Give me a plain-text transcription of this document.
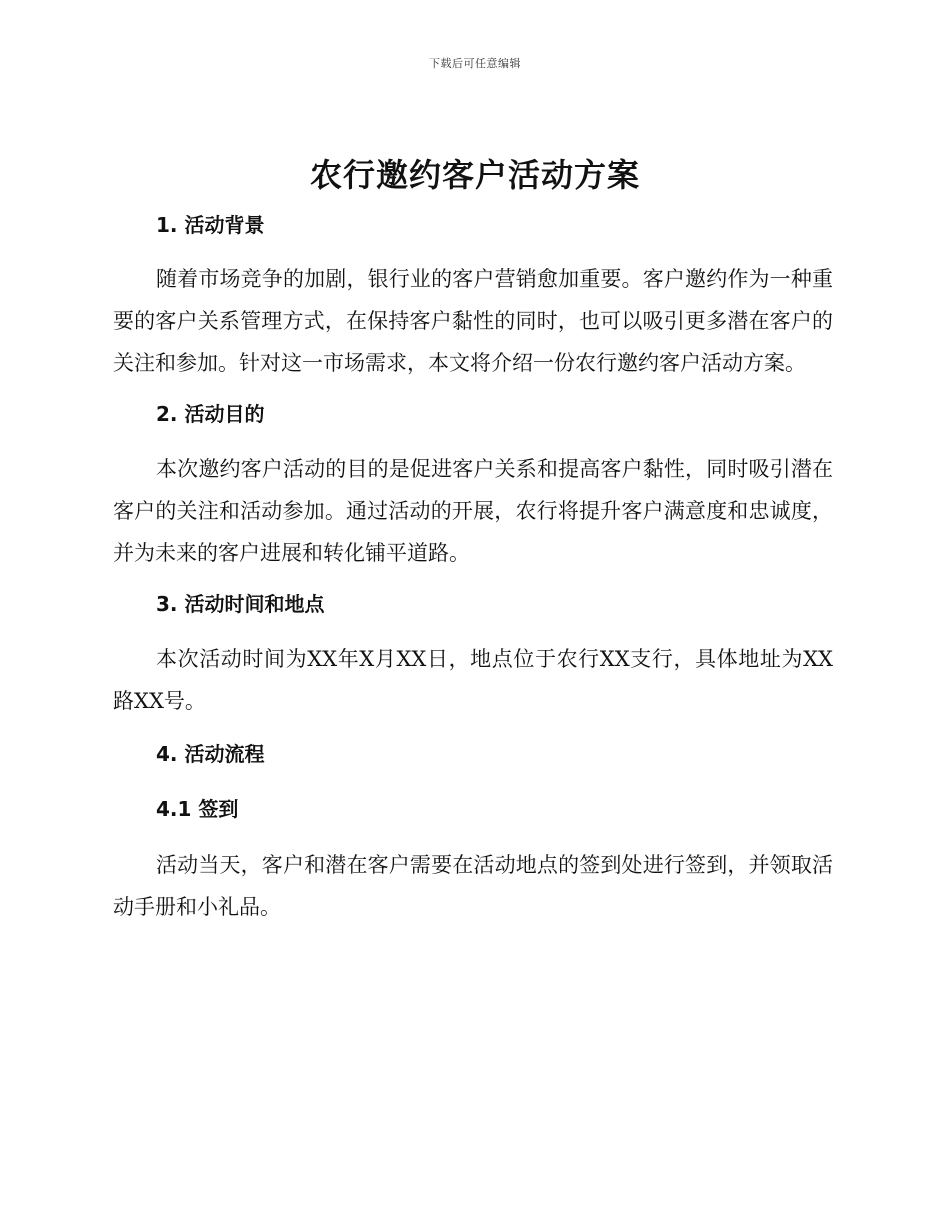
下载后可任意编辑
农行邀约客户活动方案
1. 活动背景

随着市场竞争的加剧，银行业的客户营销愈加重要。客户邀约作为一种重要的客户关系管理方式，在保持客户黏性的同时，也可以吸引更多潜在客户的关注和参加。针对这一市场需求，本文将介绍一份农行邀约客户活动方案。

2. 活动目的

本次邀约客户活动的目的是促进客户关系和提高客户黏性，同时吸引潜在客户的关注和活动参加。通过活动的开展，农行将提升客户满意度和忠诚度，并为未来的客户进展和转化铺平道路。

3. 活动时间和地点

本次活动时间为XX年X月XX日，地点位于农行XX支行，具体地址为XX路XX号。

4. 活动流程
4.1 签到

活动当天，客户和潜在客户需要在活动地点的签到处进行签到，并领取活动手册和小礼品。
